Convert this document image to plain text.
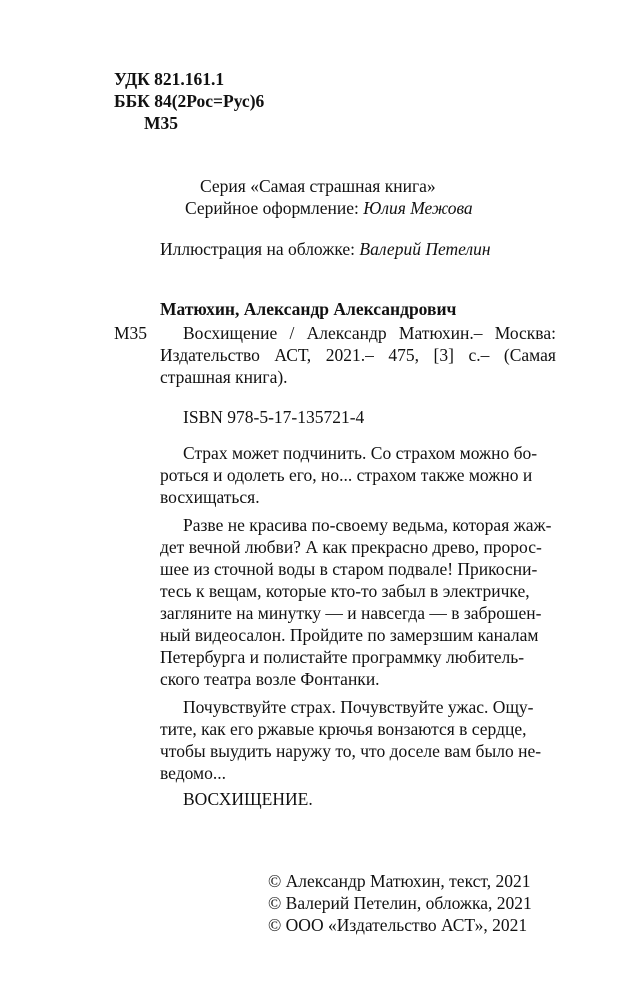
УДК 821.161.1
ББК 84(2Рос=Рус)6
М35
Серия «Самая страшная книга»
Серийное оформление: Юлия Межова
Иллюстрация на обложке: Валерий Петелин
Матюхин, Александр Александрович
М35 Восхищение / Александр Матюхин.– Москва:
Издательство АСТ, 2021.– 475, [3] с.– (Самая
страшная книга).
ISBN 978-5-17-135721-4
Страх может подчинить. Со страхом можно бо-
роться и одолеть его, но... страхом также можно и
восхищаться.
Разве не красива по-своему ведьма, которая жаж-
дет вечной любви? А как прекрасно древо, пророс-
шее из сточной воды в старом подвале! Прикосни-
тесь к вещам, которые кто-то забыл в электричке,
загляните на минутку — и навсегда — в заброшен-
ный видеосалон. Пройдите по замерзшим каналам
Петербурга и полистайте программку любитель-
ского театра возле Фонтанки.
Почувствуйте страх. Почувствуйте ужас. Ощу-
тите, как его ржавые крючья вонзаются в сердце,
чтобы выудить наружу то, что доселе вам было не-
ведомо...
ВОСХИЩЕНИЕ.
© Александр Матюхин, текст, 2021
© Валерий Петелин, обложка, 2021
© ООО «Издательство АСТ», 2021
